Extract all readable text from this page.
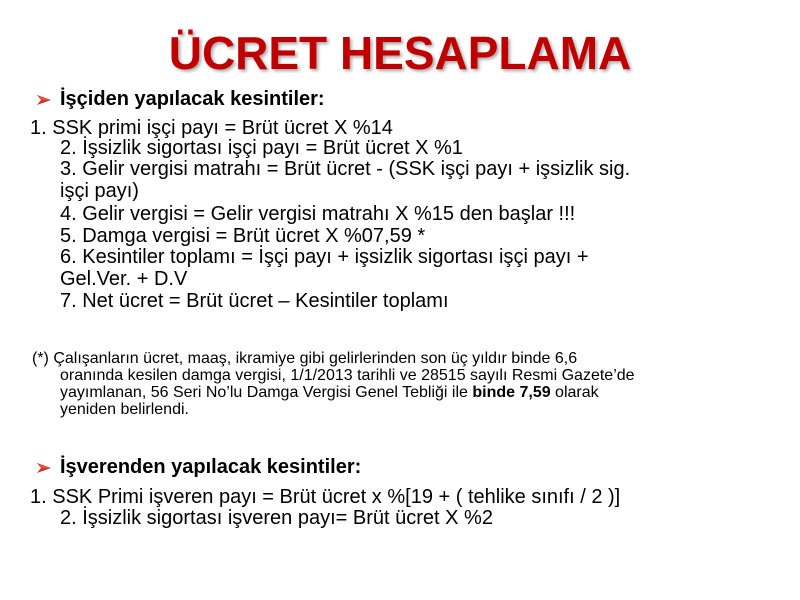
ÜCRET HESAPLAMA
İşçiden yapılacak kesintiler:
1. SSK primi işçi payı = Brüt ücret X %14
2. İşsizlik sigortası işçi payı = Brüt ücret X %1
3. Gelir vergisi matrahı = Brüt ücret - (SSK işçi payı + işsizlik sig.
işçi payı)
4. Gelir vergisi = Gelir vergisi matrahı X %15 den başlar !!!
5. Damga vergisi = Brüt ücret X %07,59 *
6. Kesintiler toplamı = İşçi payı + işsizlik sigortası işçi payı +
Gel.Ver. + D.V
7. Net ücret = Brüt ücret – Kesintiler toplamı
(*) Çalışanların ücret, maaş, ikramiye gibi gelirlerinden son üç yıldır binde 6,6
oranında kesilen damga vergisi, 1/1/2013 tarihli ve 28515 sayılı Resmi Gazete’de
yayımlanan, 56 Seri No’lu Damga Vergisi Genel Tebliği ile binde 7,59 olarak
yeniden belirlendi.
İşverenden yapılacak kesintiler:
1. SSK Primi işveren payı = Brüt ücret x %[19 + ( tehlike sınıfı / 2 )]
2. İşsizlik sigortası işveren payı= Brüt ücret X %2
